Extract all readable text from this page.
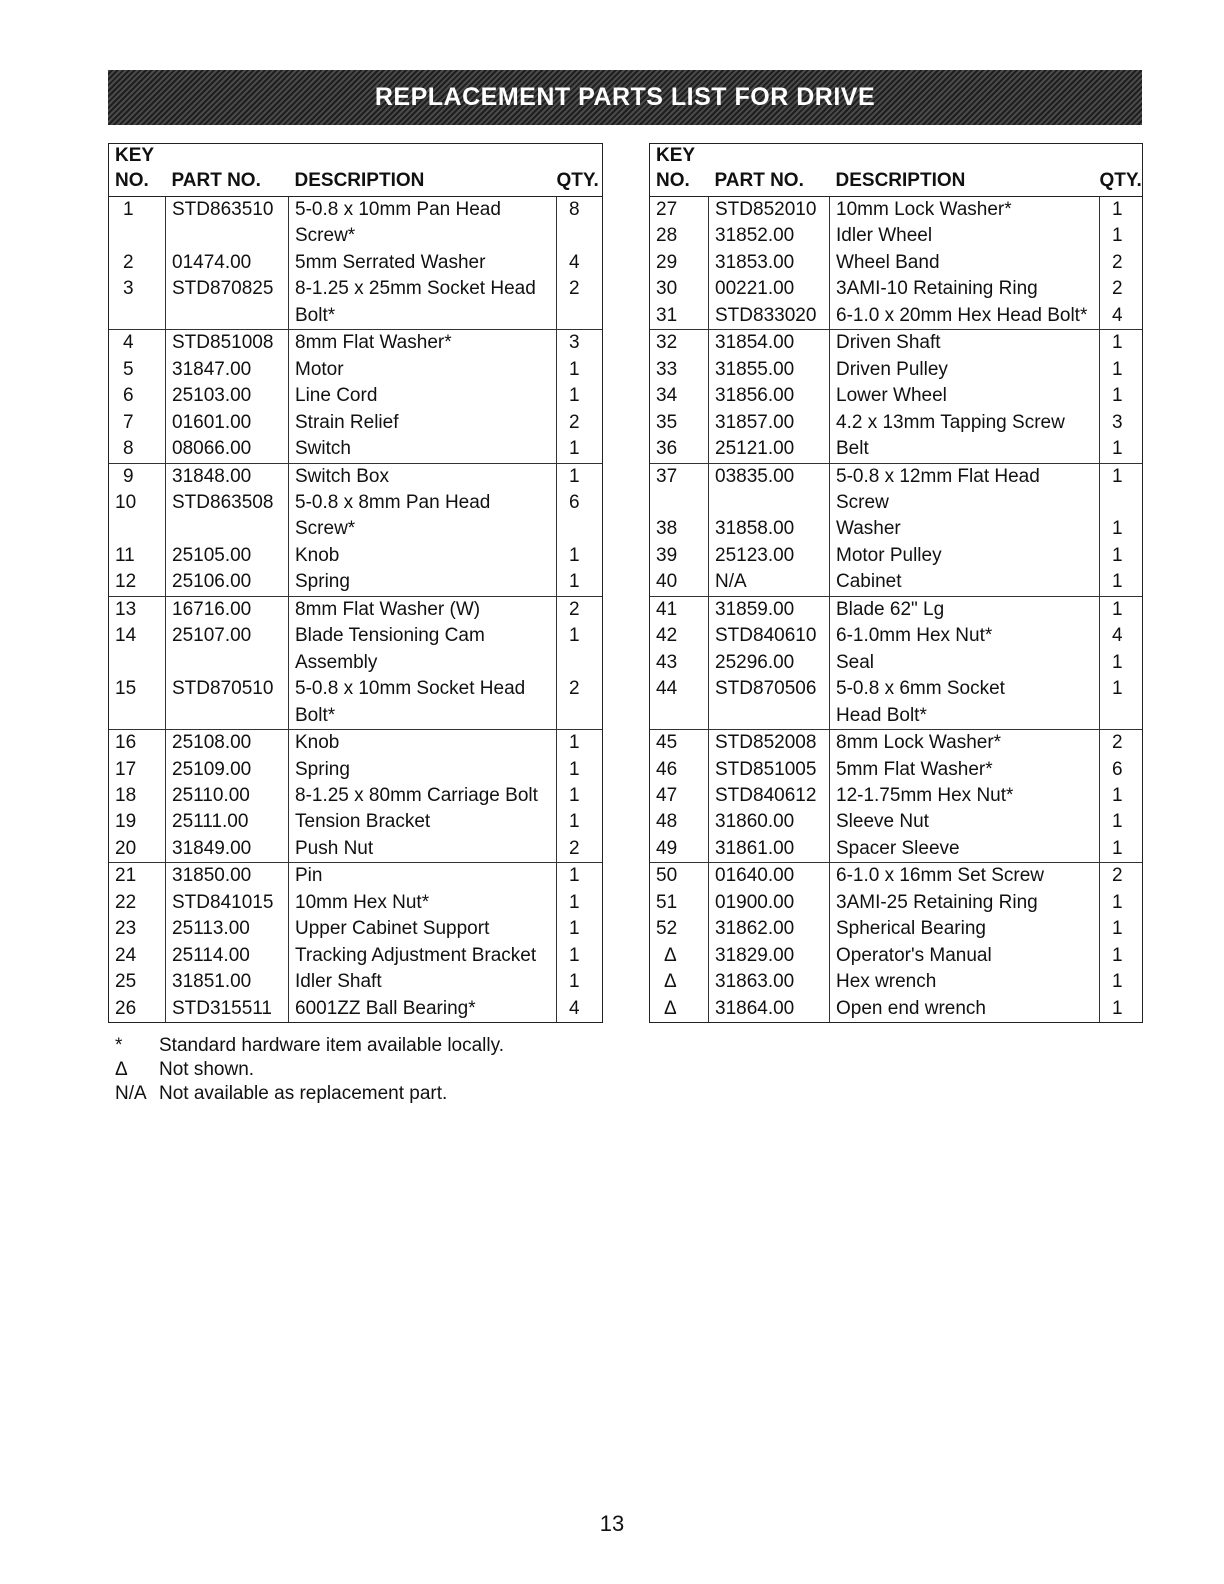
REPLACEMENT PARTS LIST FOR DRIVE
KEY			
NO.	PART NO.	DESCRIPTION	QTY.
1	STD863510	5-0.8 x 10mm Pan Head	8
		Screw*	
2	01474.00	5mm Serrated Washer	4
3	STD870825	8-1.25 x 25mm Socket Head	2
		Bolt*	
4	STD851008	8mm Flat Washer*	3
5	31847.00	Motor	1
6	25103.00	Line Cord	1
7	01601.00	Strain Relief	2
8	08066.00	Switch	1
9	31848.00	Switch Box	1
10	STD863508	5-0.8 x 8mm Pan Head	6
		Screw*	
11	25105.00	Knob	1
12	25106.00	Spring	1
13	16716.00	8mm Flat Washer (W)	2
14	25107.00	Blade Tensioning Cam	1
		Assembly	
15	STD870510	5-0.8 x 10mm Socket Head	2
		Bolt*	
16	25108.00	Knob	1
17	25109.00	Spring	1
18	25110.00	8-1.25 x 80mm Carriage Bolt	1
19	25111.00	Tension Bracket	1
20	31849.00	Push Nut	2
21	31850.00	Pin	1
22	STD841015	10mm Hex Nut*	1
23	25113.00	Upper Cabinet Support	1
24	25114.00	Tracking Adjustment Bracket	1
25	31851.00	Idler Shaft	1
26	STD315511	6001ZZ Ball Bearing*	4
KEY			
NO.	PART NO.	DESCRIPTION	QTY.
27	STD852010	10mm Lock Washer*	1
28	31852.00	Idler Wheel	1
29	31853.00	Wheel Band	2
30	00221.00	3AMI-10 Retaining Ring	2
31	STD833020	6-1.0 x 20mm Hex Head Bolt*	4
32	31854.00	Driven Shaft	1
33	31855.00	Driven Pulley	1
34	31856.00	Lower Wheel	1
35	31857.00	4.2 x 13mm Tapping Screw	3
36	25121.00	Belt	1
37	03835.00	5-0.8 x 12mm Flat Head	1
		Screw	
38	31858.00	Washer	1
39	25123.00	Motor Pulley	1
40	N/A	Cabinet	1
41	31859.00	Blade 62" Lg	1
42	STD840610	6-1.0mm Hex Nut*	4
43	25296.00	Seal	1
44	STD870506	5-0.8 x 6mm Socket	1
		Head Bolt*	
45	STD852008	8mm Lock Washer*	2
46	STD851005	5mm Flat Washer*	6
47	STD840612	12-1.75mm Hex Nut*	1
48	31860.00	Sleeve Nut	1
49	31861.00	Spacer Sleeve	1
50	01640.00	6-1.0 x 16mm Set Screw	2
51	01900.00	3AMI-25 Retaining Ring	1
52	31862.00	Spherical Bearing	1
Δ	31829.00	Operator's Manual	1
Δ	31863.00	Hex wrench	1
Δ	31864.00	Open end wrench	1
*	Standard hardware item available locally.
Δ	Not shown.
N/A Not available as replacement part.
13
